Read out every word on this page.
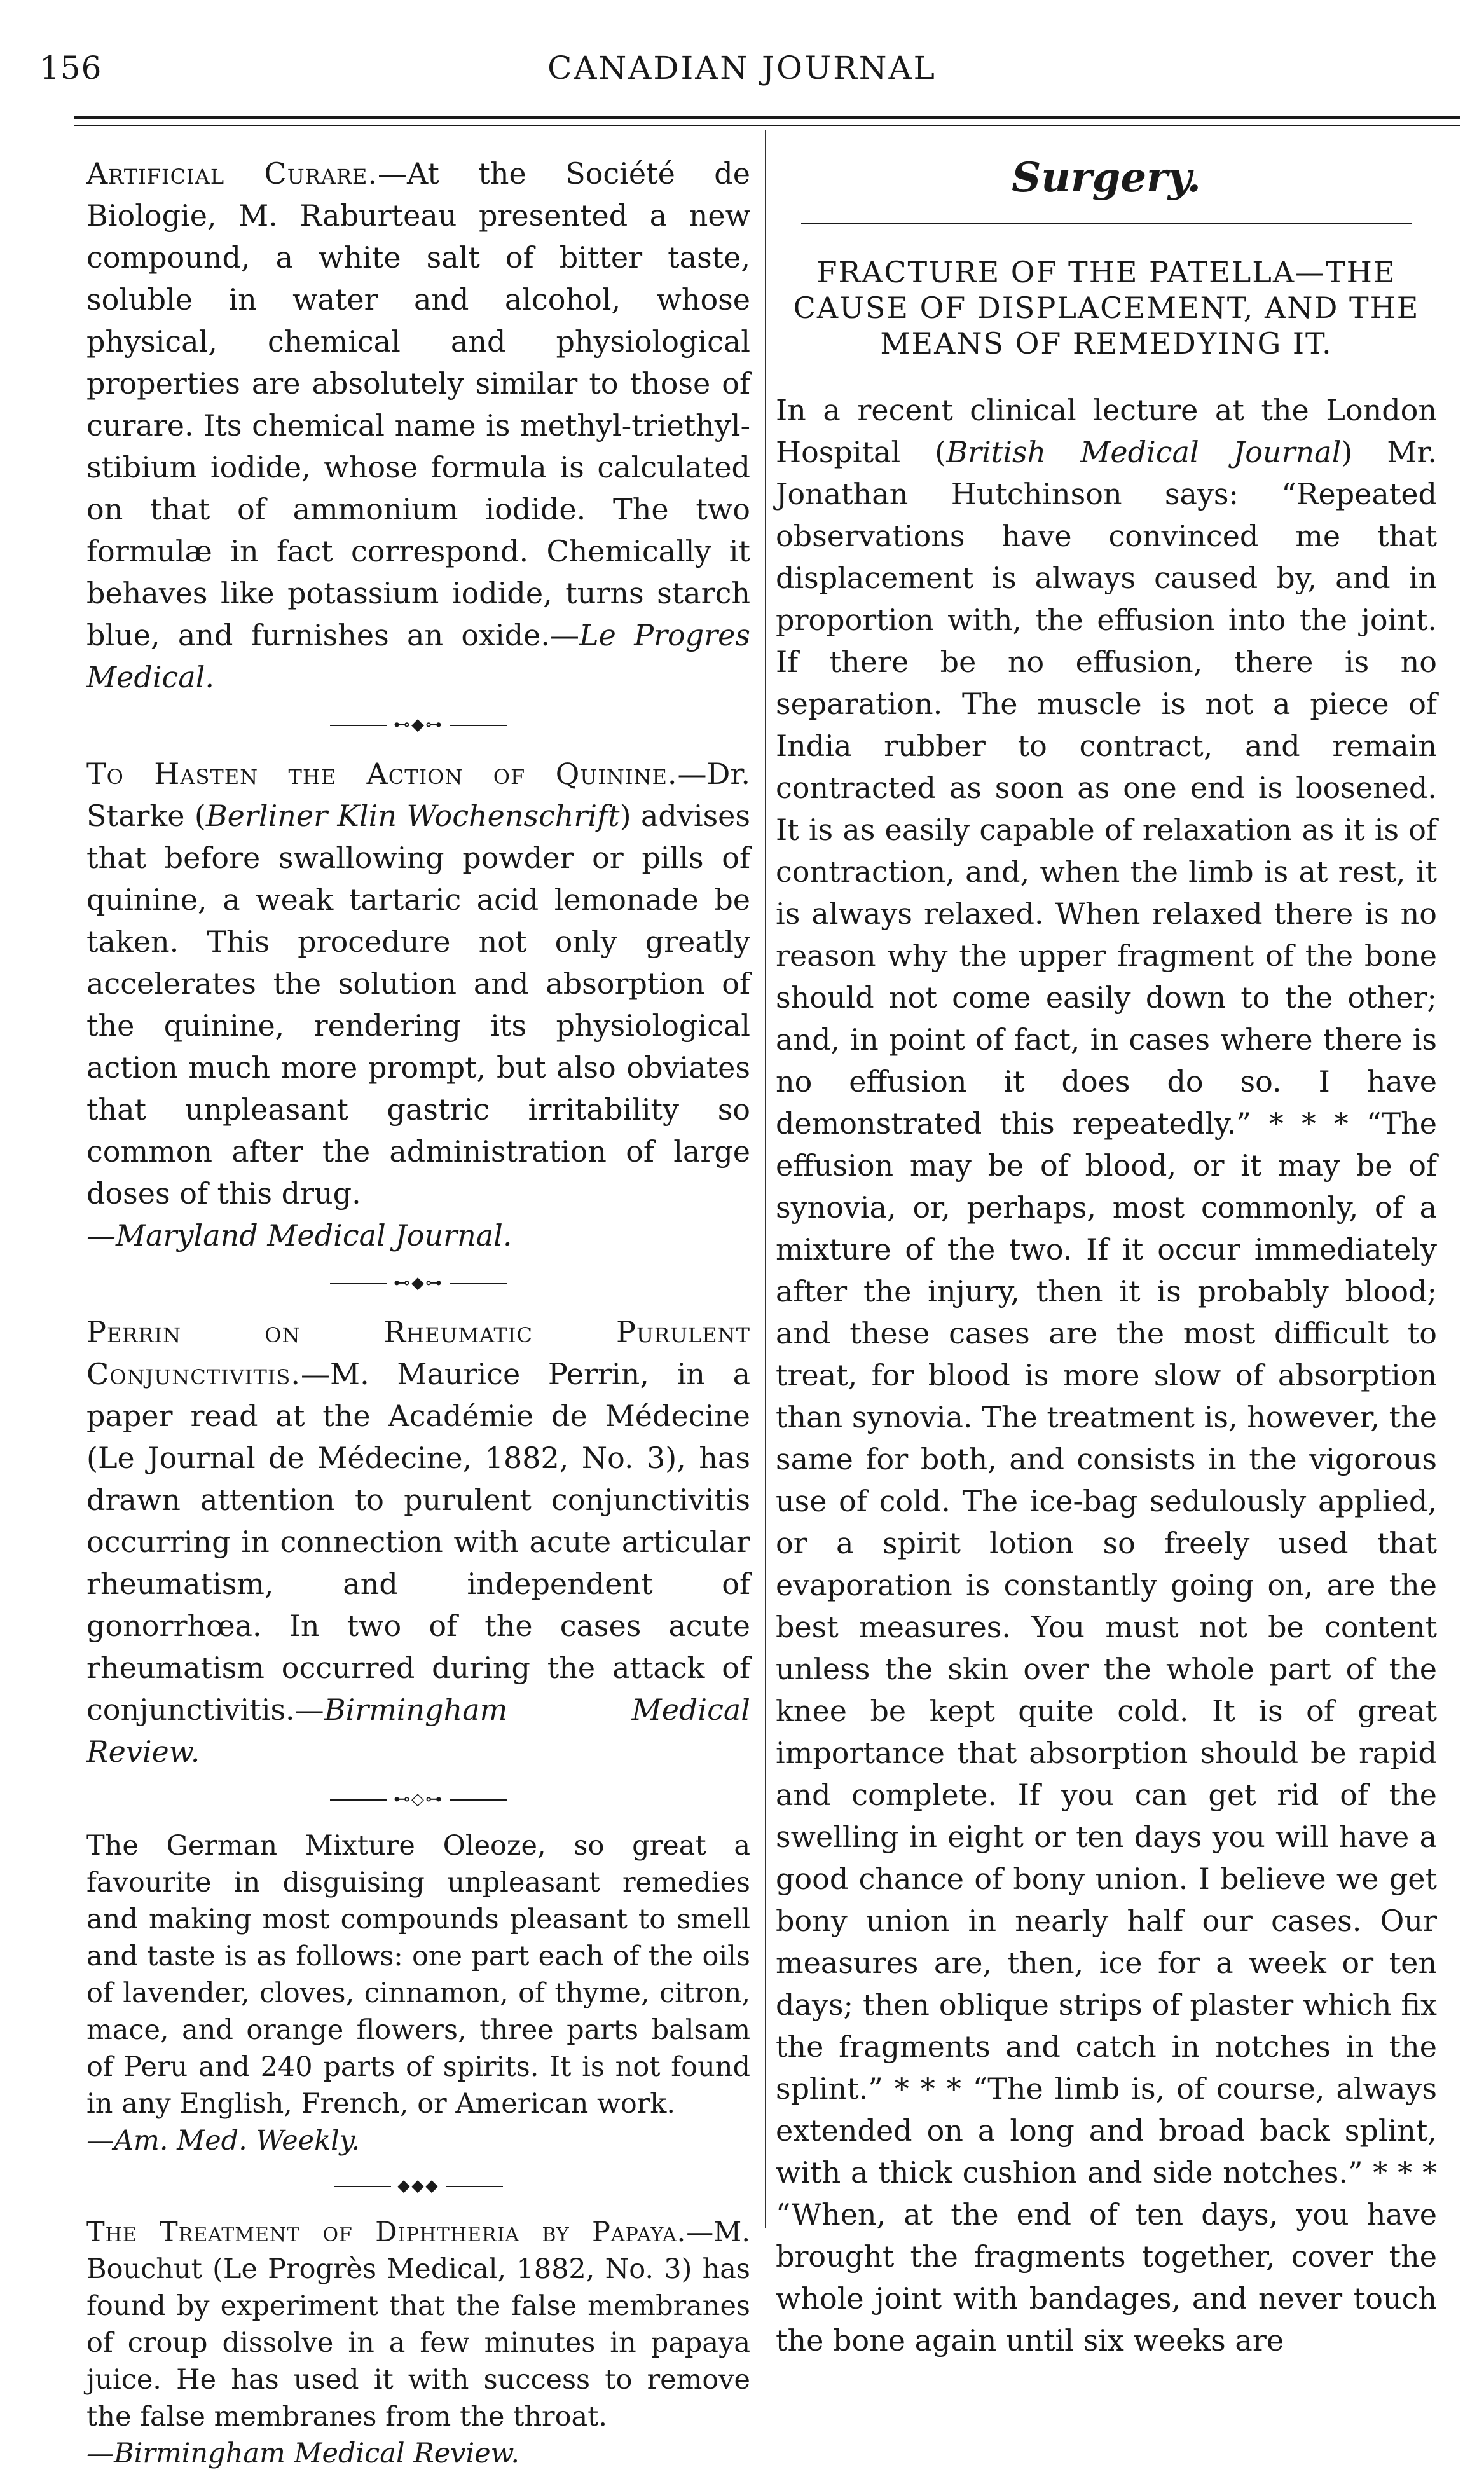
156	CANADIAN JOURNAL

Artificial Curare.—At the Société de Biologie, M. Raburteau presented a new compound, a white salt of bitter taste, soluble in water and alcohol, whose physical, chemical and physiological properties are absolutely similar to those of curare. Its chemical name is methyl-triethyl-stibium iodide, whose formula is calculated on that of ammonium iodide. The two formulæ in fact correspond. Chemically it behaves like potassium iodide, turns starch blue, and furnishes an oxide.—Le Progres Medical.

⊷◆⊶

To Hasten the Action of Quinine.—Dr. Starke (Berliner Klin Wochenschrift) advises that before swallowing powder or pills of quinine, a weak tartaric acid lemonade be taken. This procedure not only greatly accelerates the solution and absorption of the quinine, rendering its physiological action much more prompt, but also obviates that unpleasant gastric irritability so common after the administration of large doses of this drug.
—Maryland Medical Journal.

⊷◆⊶

Perrin on Rheumatic Purulent Conjunctivitis.—M. Maurice Perrin, in a paper read at the Académie de Médecine (Le Journal de Médecine, 1882, No. 3), has drawn attention to purulent conjunctivitis occurring in connection with acute articular rheumatism, and independent of gonorrhœa. In two of the cases acute rheumatism occurred during the attack of conjunctivitis.—Birmingham Medical Review.

⊷◇⊶

The German Mixture Oleoze, so great a favourite in disguising unpleasant remedies and making most compounds pleasant to smell and taste is as follows: one part each of the oils of lavender, cloves, cinnamon, of thyme, citron, mace, and orange flowers, three parts balsam of Peru and 240 parts of spirits. It is not found in any English, French, or American work.
—Am. Med. Weekly.

◆◆◆

The Treatment of Diphtheria by Papaya.—M. Bouchut (Le Progrès Medical, 1882, No. 3) has found by experiment that the false membranes of croup dissolve in a few minutes in papaya juice. He has used it with success to remove the false membranes from the throat.
—Birmingham Medical Review.

Surgery.
FRACTURE OF THE PATELLA—THE CAUSE OF DISPLACEMENT, AND THE MEANS OF REMEDYING IT.

In a recent clinical lecture at the London Hospital (British Medical Journal) Mr. Jonathan Hutchinson says: “Repeated observations have convinced me that displacement is always caused by, and in proportion with, the effusion into the joint. If there be no effusion, there is no separation. The muscle is not a piece of India rubber to contract, and remain contracted as soon as one end is loosened. It is as easily capable of relaxation as it is of contraction, and, when the limb is at rest, it is always relaxed. When relaxed there is no reason why the upper fragment of the bone should not come easily down to the other; and, in point of fact, in cases where there is no effusion it does do so. I have demonstrated this repeatedly.” * * * “The effusion may be of blood, or it may be of synovia, or, perhaps, most commonly, of a mixture of the two. If it occur immediately after the injury, then it is probably blood; and these cases are the most difficult to treat, for blood is more slow of absorption than synovia. The treatment is, however, the same for both, and consists in the vigorous use of cold. The ice-bag sedulously applied, or a spirit lotion so freely used that evaporation is constantly going on, are the best measures. You must not be content unless the skin over the whole part of the knee be kept quite cold. It is of great importance that absorption should be rapid and complete. If you can get rid of the swelling in eight or ten days you will have a good chance of bony union. I believe we get bony union in nearly half our cases. Our measures are, then, ice for a week or ten days; then oblique strips of plaster which fix the fragments and catch in notches in the splint.” * * * “The limb is, of course, always extended on a long and broad back splint, with a thick cushion and side notches.” * * * “When, at the end of ten days, you have brought the fragments together, cover the whole joint with bandages, and never touch the bone again until six weeks are
